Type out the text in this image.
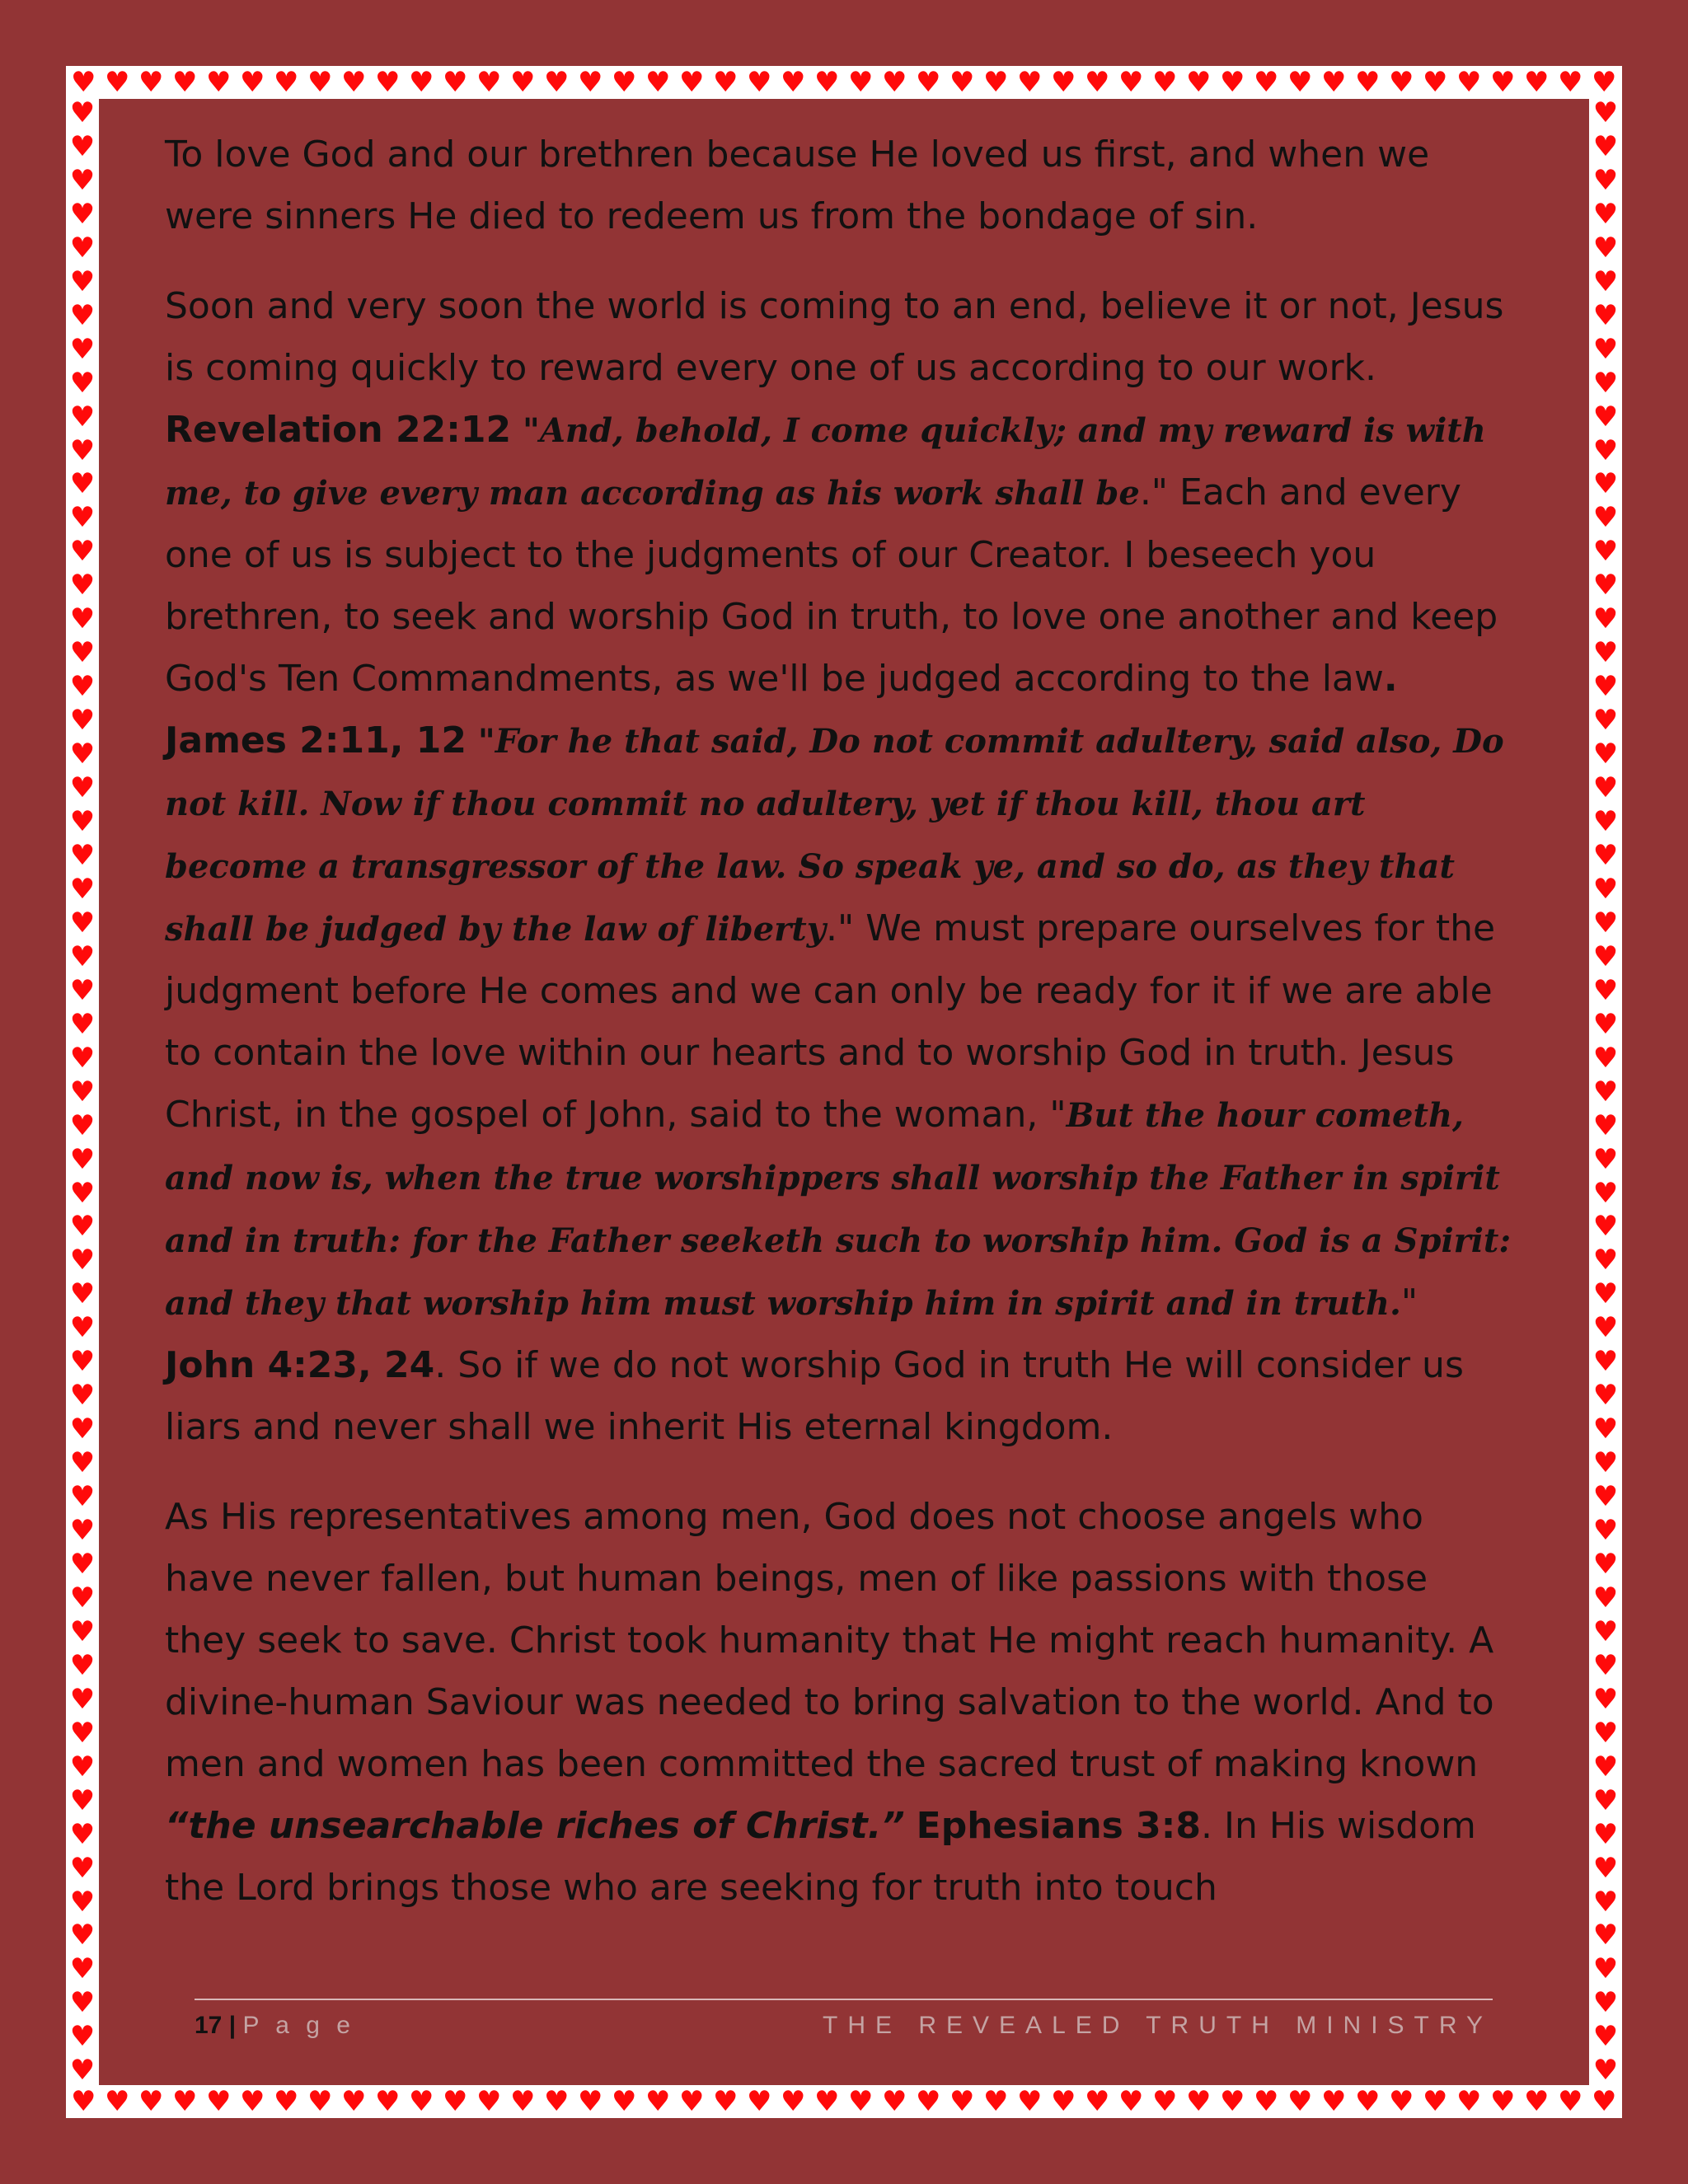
♥ ♥ ♥ ♥ ♥ ♥ ♥ ♥ ♥ ♥ ♥ ♥ ♥ ♥ ♥ ♥ ♥ ♥ ♥ ♥ ♥ ♥ ♥ ♥ ♥ ♥ ♥ ♥ ♥ ♥ ♥ ♥ ♥ ♥ ♥ ♥ ♥ ♥ ♥ ♥ ♥ ♥ ♥ ♥ ♥ ♥
♥ ♥ ♥ ♥ ♥ ♥ ♥ ♥ ♥ ♥ ♥ ♥ ♥ ♥ ♥ ♥ ♥ ♥ ♥ ♥ ♥ ♥ ♥ ♥ ♥ ♥ ♥ ♥ ♥ ♥ ♥ ♥ ♥ ♥ ♥ ♥ ♥ ♥ ♥ ♥ ♥ ♥ ♥ ♥ ♥ ♥
♥
♥
♥
♥
♥
♥
♥
♥
♥
♥
♥
♥
♥
♥
♥
♥
♥
♥
♥
♥
♥
♥
♥
♥
♥
♥
♥
♥
♥
♥
♥
♥
♥
♥
♥
♥
♥
♥
♥
♥
♥
♥
♥
♥
♥
♥
♥
♥
♥
♥
♥
♥
♥
♥
♥
♥
♥
♥
♥
♥
♥
♥
♥
♥
♥
♥
♥
♥
♥
♥
♥
♥
♥
♥
♥
♥
♥
♥
♥
♥
♥
♥
♥
♥
♥
♥
♥
♥
♥
♥
♥
♥
♥
♥
♥
♥
♥
♥
♥
♥
♥
♥
♥
♥
♥
♥
♥
♥
♥
♥
♥
♥
♥
♥
♥
♥
♥
♥

To love God and our brethren because He loved us first, and when we were sinners He died to redeem us from the bondage of sin.

Soon and very soon the world is coming to an end, believe it or not, Jesus is coming quickly to reward every one of us according to our work. Revelation 22:12 "And, behold, I come quickly; and my reward is with me, to give every man according as his work shall be." Each and every one of us is subject to the judgments of our Creator. I beseech you brethren, to seek and worship God in truth, to love one another and keep God's Ten Commandments, as we'll be judged according to the law. James 2:11, 12 "For he that said, Do not commit adultery, said also, Do not kill. Now if thou commit no adultery, yet if thou kill, thou art become a transgressor of the law. So speak ye, and so do, as they that shall be judged by the law of liberty." We must prepare ourselves for the judgment before He comes and we can only be ready for it if we are able to contain the love within our hearts and to worship God in truth. Jesus Christ, in the gospel of John, said to the woman, "But the hour cometh, and now is, when the true worshippers shall worship the Father in spirit and in truth: for the Father seeketh such to worship him. God is a Spirit: and they that worship him must worship him in spirit and in truth." John 4:23, 24. So if we do not worship God in truth He will consider us liars and never shall we inherit His eternal kingdom.

As His representatives among men, God does not choose angels who have never fallen, but human beings, men of like passions with those they seek to save. Christ took humanity that He might reach humanity. A divine-human Saviour was needed to bring salvation to the world. And to men and women has been committed the sacred trust of making known “the unsearchable riches of Christ.” Ephesians 3:8. In His wisdom the Lord brings those who are seeking for truth into touch

17 | P a g e	THE REVEALED TRUTH MINISTRY
